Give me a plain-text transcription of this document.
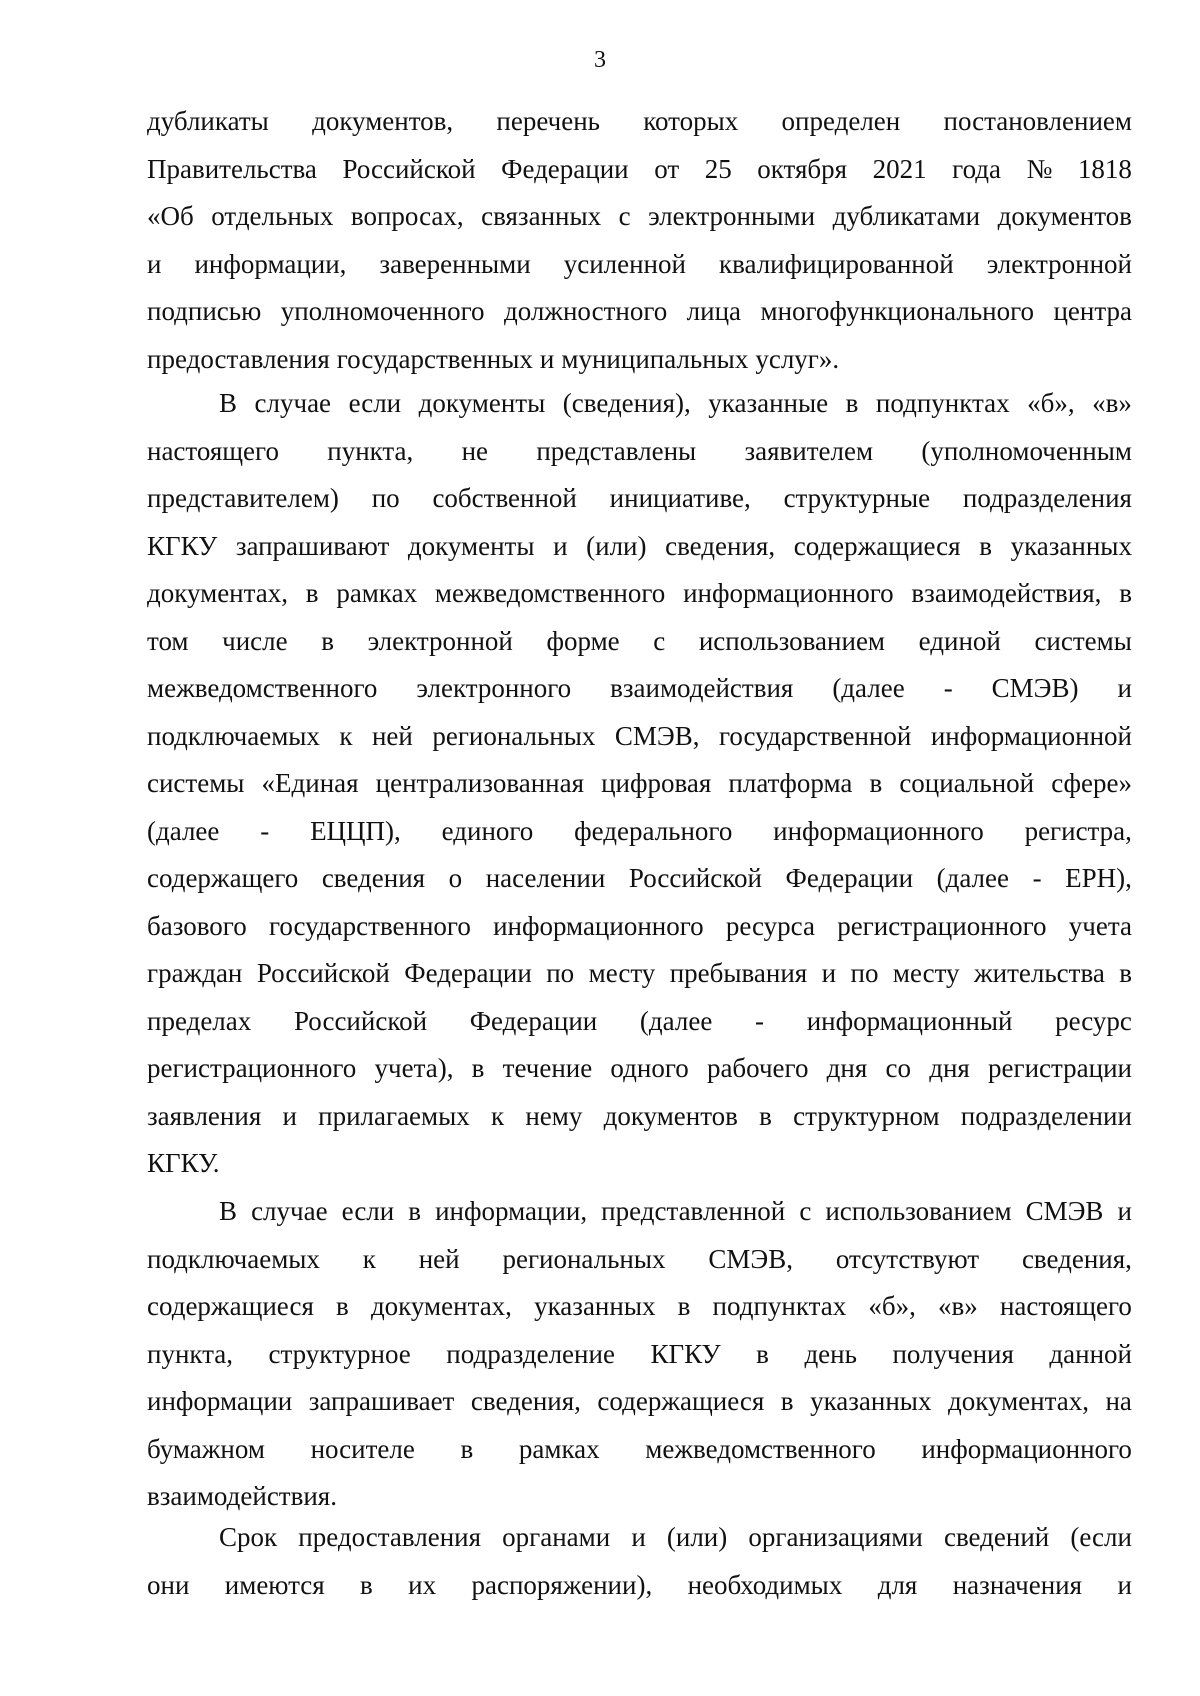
3
дубликаты документов, перечень которых определен постановлением
Правительства Российской Федерации от 25 октября 2021 года № 1818
«Об отдельных вопросах, связанных с электронными дубликатами документов
и информации, заверенными усиленной квалифицированной электронной
подписью уполномоченного должностного лица многофункционального центра
предоставления государственных и муниципальных услуг».
В случае если документы (сведения), указанные в подпунктах «б», «в»
настоящего пункта, не представлены заявителем (уполномоченным
представителем) по собственной инициативе, структурные подразделения
КГКУ запрашивают документы и (или) сведения, содержащиеся в указанных
документах, в рамках межведомственного информационного взаимодействия, в
том числе в электронной форме с использованием единой системы
межведомственного электронного взаимодействия (далее - СМЭВ) и
подключаемых к ней региональных СМЭВ, государственной информационной
системы «Единая централизованная цифровая платформа в социальной сфере»
(далее - ЕЦЦП), единого федерального информационного регистра,
содержащего сведения о населении Российской Федерации (далее - ЕРН),
базового государственного информационного ресурса регистрационного учета
граждан Российской Федерации по месту пребывания и по месту жительства в
пределах Российской Федерации (далее - информационный ресурс
регистрационного учета), в течение одного рабочего дня со дня регистрации
заявления и прилагаемых к нему документов в структурном подразделении
КГКУ.
В случае если в информации, представленной с использованием СМЭВ и
подключаемых к ней региональных СМЭВ, отсутствуют сведения,
содержащиеся в документах, указанных в подпунктах «б», «в» настоящего
пункта, структурное подразделение КГКУ в день получения данной
информации запрашивает сведения, содержащиеся в указанных документах, на
бумажном носителе в рамках межведомственного информационного
взаимодействия.
Срок предоставления органами и (или) организациями сведений (если
они имеются в их распоряжении), необходимых для назначения и
